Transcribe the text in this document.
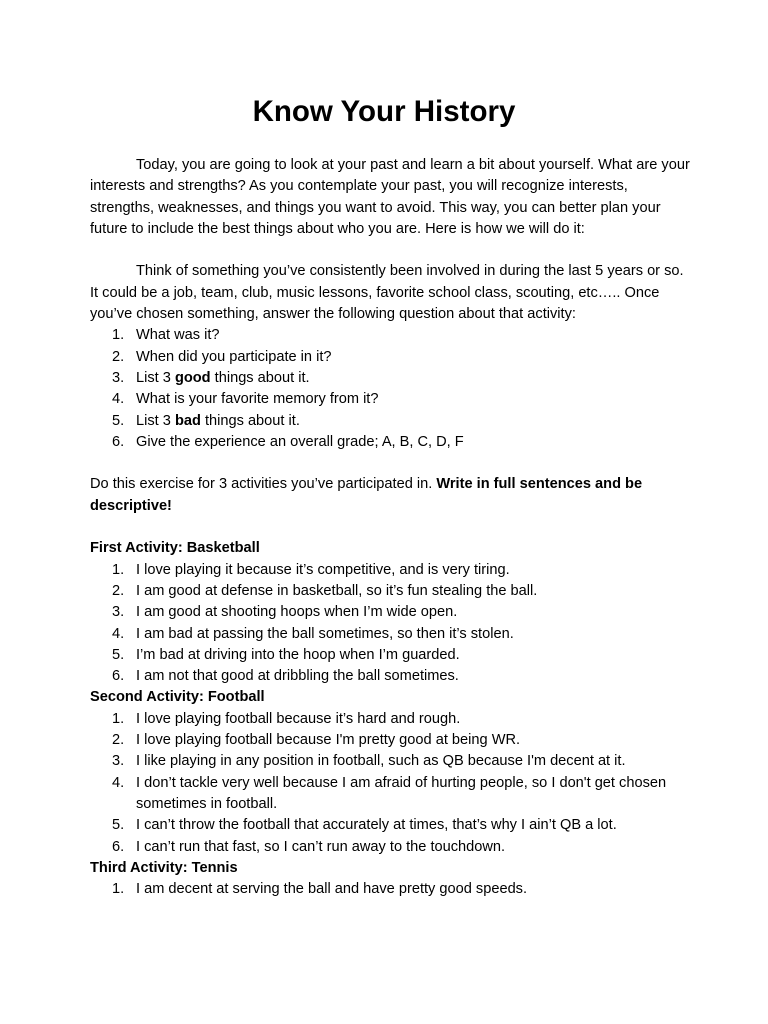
Know Your History

Today, you are going to look at your past and learn a bit about yourself. What are your interests and strengths? As you contemplate your past, you will recognize interests, strengths, weaknesses, and things you want to avoid. This way, you can better plan your future to include the best things about who you are. Here is how we will do it:

Think of something you’ve consistently been involved in during the last 5 years or so. It could be a job, team, club, music lessons, favorite school class, scouting, etc….. Once you’ve chosen something, answer the following question about that activity:

1. What was it?
2. When did you participate in it?
3. List 3 good things about it.
4. What is your favorite memory from it?
5. List 3 bad things about it.
6. Give the experience an overall grade; A, B, C, D, F

Do this exercise for 3 activities you’ve participated in. Write in full sentences and be descriptive!

First Activity: Basketball

1. I love playing it because it’s competitive, and is very tiring.
2. I am good at defense in basketball, so it’s fun stealing the ball.
3. I am good at shooting hoops when I’m wide open.
4. I am bad at passing the ball sometimes, so then it’s stolen.
5. I’m bad at driving into the hoop when I’m guarded.
6. I am not that good at dribbling the ball sometimes.

Second Activity: Football

1. I love playing football because it’s hard and rough.
2. I love playing football because I'm pretty good at being WR.
3. I like playing in any position in football, such as QB because I'm decent at it.
4. I don’t tackle very well because I am afraid of hurting people, so I don't get chosen sometimes in football.
5. I can’t throw the football that accurately at times, that’s why I ain’t QB a lot.
6. I can’t run that fast, so I can’t run away to the touchdown.

Third Activity: Tennis

1. I am decent at serving the ball and have pretty good speeds.
